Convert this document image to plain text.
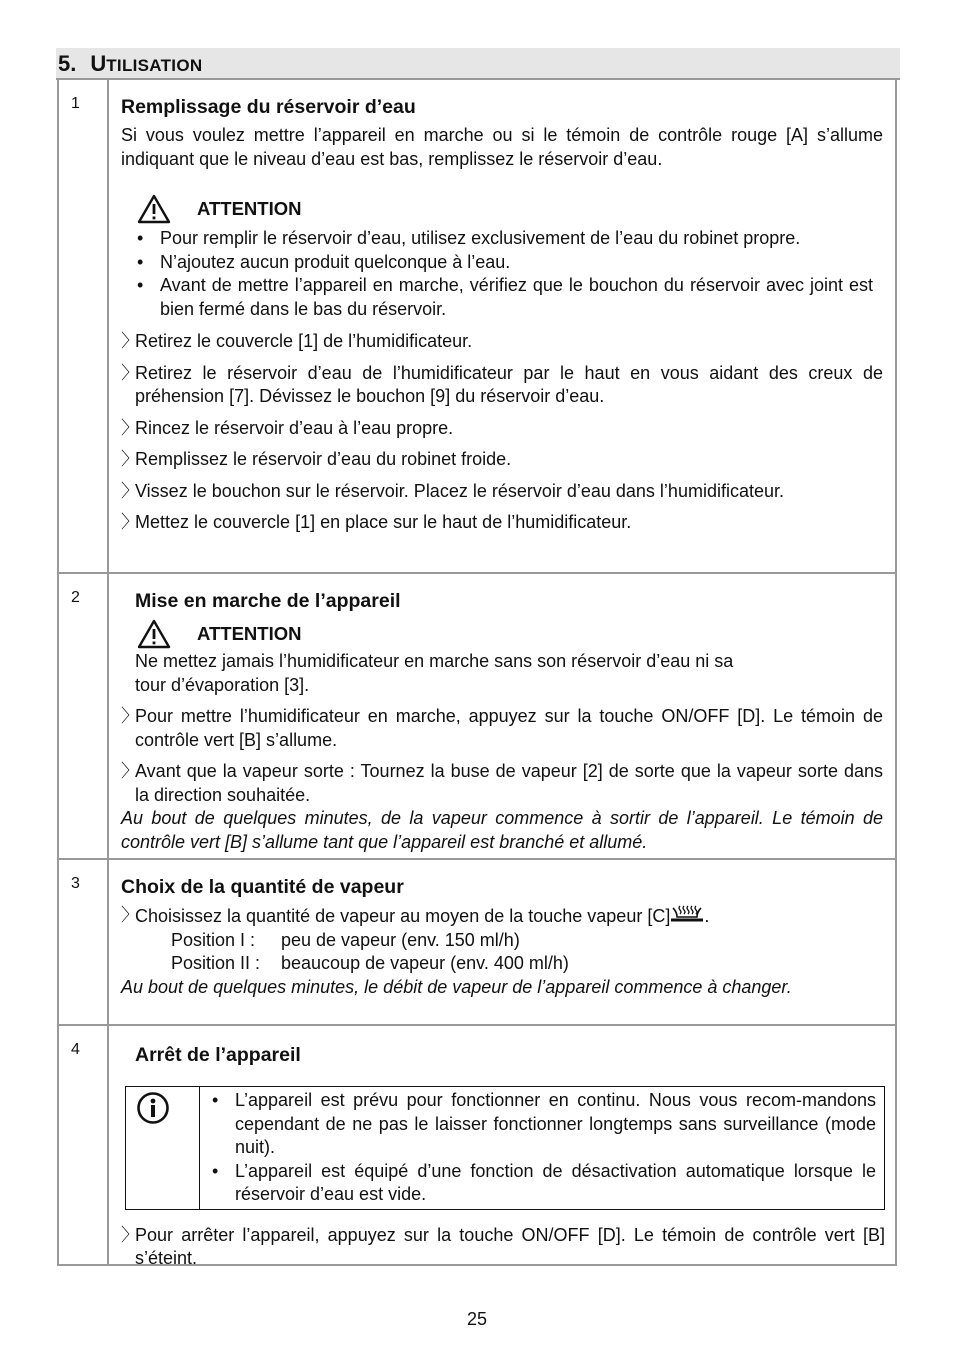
5. UTILISATION
1	Remplissage du réservoir d’eau

Si vous voulez mettre l’appareil en marche ou si le témoin de contrôle rouge [A] s’allume indiquant que le niveau d’eau est bas, remplissez le réservoir d’eau.

ATTENTION
• Pour remplir le réservoir d’eau, utilisez exclusivement de l’eau du robinet propre.
• N’ajoutez aucun produit quelconque à l’eau.
• Avant de mettre l’appareil en marche, vérifiez que le bouchon du réservoir avec joint est bien fermé dans le bas du réservoir.
〉
Retirez le couvercle [1] de l’humidificateur.
〉
Retirez le réservoir d’eau de l’humidificateur par le haut en vous aidant des creux de préhension [7]. Dévissez le bouchon [9] du réservoir d’eau.
〉
Rincez le réservoir d’eau à l’eau propre.
〉
Remplissez le réservoir d’eau du robinet froide.
〉
Vissez le bouchon sur le réservoir. Placez le réservoir d’eau dans l’humidificateur.
〉
Mettez le couvercle [1] en place sur le haut de l’humidificateur.
2	Mise en marche de l’appareil
ATTENTION
Ne mettez jamais l’humidificateur en marche sans son réservoir d’eau ni sa
tour d’évaporation [3].
〉
Pour mettre l’humidificateur en marche, appuyez sur la touche ON/OFF [D]. Le témoin de contrôle vert [B] s’allume.
〉
Avant que la vapeur sorte : Tournez la buse de vapeur [2] de sorte que la vapeur sorte dans la direction souhaitée.

Au bout de quelques minutes, de la vapeur commence à sortir de l’appareil. Le témoin de contrôle vert [B] s’allume tant que l’appareil est branché et allumé.

3	Choix de la quantité de vapeur
〉
Choisissez la quantité de vapeur au moyen de la touche vapeur [C] .
Position I :	peu de vapeur (env. 150 ml/h)
Position II :	beaucoup de vapeur (env. 400 ml/h)

Au bout de quelques minutes, le débit de vapeur de l’appareil commence à changer.

4	Arrêt de l’appareil
• L’appareil est prévu pour fonctionner en continu. Nous vous recom-mandons cependant de ne pas le laisser fonctionner longtemps sans surveillance (mode nuit).
• L’appareil est équipé d’une fonction de désactivation automatique lorsque le réservoir d’eau est vide.
〉
Pour arrêter l’appareil, appuyez sur la touche ON/OFF [D]. Le témoin de contrôle vert [B] s’éteint.
25
